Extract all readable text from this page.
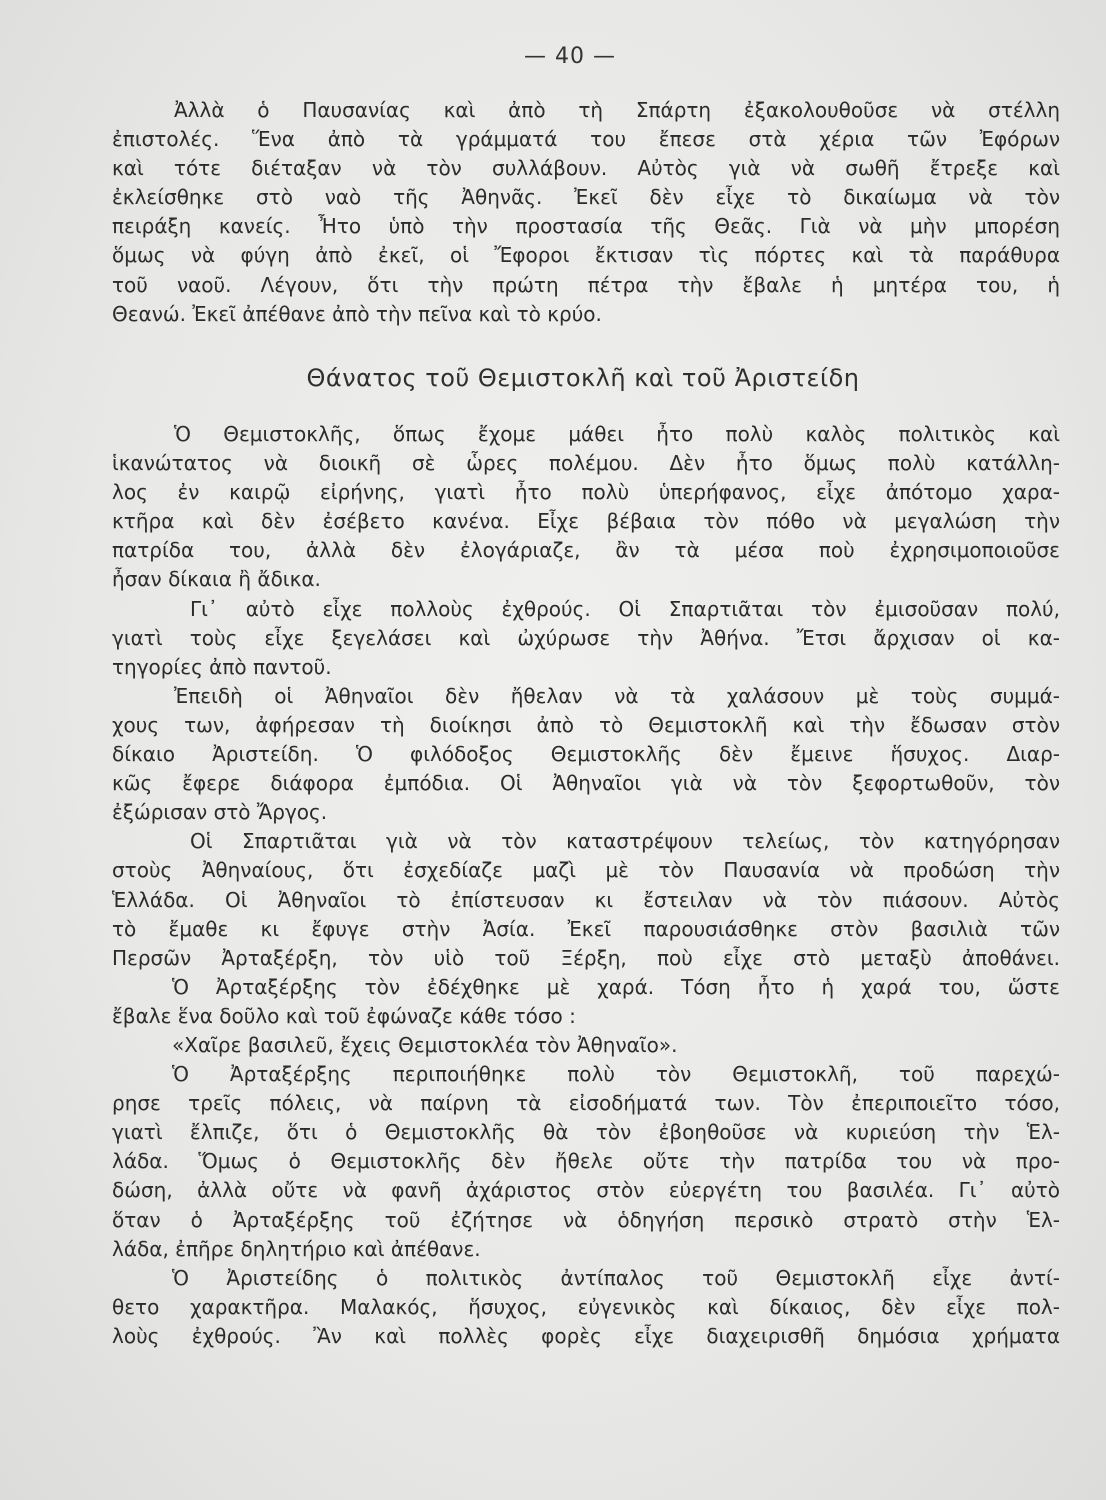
— 40 —

Ἀλλὰ ὁ Παυσανίας καὶ ἀπὸ τὴ Σπάρτη ἐξακολουθοῦσε νὰ στέλλη
ἐπιστολές. Ἕνα ἀπὸ τὰ γράμματά του ἔπεσε στὰ χέρια τῶν Ἐφόρων
καὶ τότε διέταξαν νὰ τὸν συλλάβουν. Αὐτὸς γιὰ νὰ σωθῆ ἔτρεξε καὶ
ἐκλείσθηκε στὸ ναὸ τῆς Ἀθηνᾶς. Ἐκεῖ δὲν εἶχε τὸ δικαίωμα νὰ τὸν
πειράξη κανείς. Ἦτο ὑπὸ τὴν προστασία τῆς Θεᾶς. Γιὰ νὰ μὴν μπορέση
ὅμως νὰ φύγη ἀπὸ ἐκεῖ, οἱ Ἔφοροι ἔκτισαν τὶς πόρτες καὶ τὰ παράθυρα
τοῦ ναοῦ. Λέγουν, ὅτι τὴν πρώτη πέτρα τὴν ἔβαλε ἡ μητέρα του, ἡ
Θεανώ. Ἐκεῖ ἀπέθανε ἀπὸ τὴν πεῖνα καὶ τὸ κρύο.

Θάνατος τοῦ Θεμιστοκλῆ καὶ τοῦ Ἀριστείδη

Ὁ Θεμιστοκλῆς, ὅπως ἔχομε μάθει ἦτο πολὺ καλὸς πολιτικὸς καὶ
ἱκανώτατος νὰ διοικῆ σὲ ὧρες πολέμου. Δὲν ἦτο ὅμως πολὺ κατάλλη-
λος ἐν καιρῷ εἰρήνης, γιατὶ ἦτο πολὺ ὑπερήφανος, εἶχε ἀπότομο χαρα-
κτῆρα καὶ δὲν ἐσέβετο κανένα. Εἶχε βέβαια τὸν πόθο νὰ μεγαλώση τὴν
πατρίδα του, ἀλλὰ δὲν ἐλογάριαζε, ἂν τὰ μέσα ποὺ ἐχρησιμοποιοῦσε
ἦσαν δίκαια ἢ ἄδικα.

Γι᾿ αὐτὸ εἶχε πολλοὺς ἐχθρούς. Οἱ Σπαρτιᾶται τὸν ἐμισοῦσαν πολύ,
γιατὶ τοὺς εἶχε ξεγελάσει καὶ ὠχύρωσε τὴν Ἀθήνα. Ἔτσι ἄρχισαν οἱ κα-
τηγορίες ἀπὸ παντοῦ.

Ἐπειδὴ οἱ Ἀθηναῖοι δὲν ἤθελαν νὰ τὰ χαλάσουν μὲ τοὺς συμμά-
χους των, ἀφήρεσαν τὴ διοίκησι ἀπὸ τὸ Θεμιστοκλῆ καὶ τὴν ἔδωσαν στὸν
δίκαιο Ἀριστείδη. Ὁ φιλόδοξος Θεμιστοκλῆς δὲν ἔμεινε ἥσυχος. Διαρ-
κῶς ἔφερε διάφορα ἐμπόδια. Οἱ Ἀθηναῖοι γιὰ νὰ τὸν ξεφορτωθοῦν, τὸν
ἐξώρισαν στὸ Ἄργος.

Οἱ Σπαρτιᾶται γιὰ νὰ τὸν καταστρέψουν τελείως, τὸν κατηγόρησαν
στοὺς Ἀθηναίους, ὅτι ἐσχεδίαζε μαζὶ μὲ τὸν Παυσανία νὰ προδώση τὴν
Ἑλλάδα. Οἱ Ἀθηναῖοι τὸ ἐπίστευσαν κι ἔστειλαν νὰ τὸν πιάσουν. Αὐτὸς
τὸ ἔμαθε κι ἔφυγε στὴν Ἀσία. Ἐκεῖ παρουσιάσθηκε στὸν βασιλιὰ τῶν
Περσῶν Ἀρταξέρξη, τὸν υἱὸ τοῦ Ξέρξη, ποὺ εἶχε στὸ μεταξὺ ἀποθάνει.

Ὁ Ἀρταξέρξης τὸν ἐδέχθηκε μὲ χαρά. Τόση ἦτο ἡ χαρά του, ὥστε
ἔβαλε ἕνα δοῦλο καὶ τοῦ ἐφώναζε κάθε τόσο :

«Χαῖρε βασιλεῦ, ἔχεις Θεμιστοκλέα τὸν Ἀθηναῖο».

Ὁ Ἀρταξέρξης περιποιήθηκε πολὺ τὸν Θεμιστοκλῆ, τοῦ παρεχώ-
ρησε τρεῖς πόλεις, νὰ παίρνη τὰ εἰσοδήματά των. Τὸν ἐπεριποιεῖτο τόσο,
γιατὶ ἔλπιζε, ὅτι ὁ Θεμιστοκλῆς θὰ τὸν ἐβοηθοῦσε νὰ κυριεύση τὴν Ἑλ-
λάδα. Ὅμως ὁ Θεμιστοκλῆς δὲν ἤθελε οὔτε τὴν πατρίδα του νὰ προ-
δώση, ἀλλὰ οὔτε νὰ φανῆ ἀχάριστος στὸν εὐεργέτη του βασιλέα. Γι᾿ αὐτὸ
ὅταν ὁ Ἀρταξέρξης τοῦ ἐζήτησε νὰ ὁδηγήση περσικὸ στρατὸ στὴν Ἑλ-
λάδα, ἐπῆρε δηλητήριο καὶ ἀπέθανε.

Ὁ Ἀριστείδης ὁ πολιτικὸς ἀντίπαλος τοῦ Θεμιστοκλῆ εἶχε ἀντί-
θετο χαρακτῆρα. Μαλακός, ἥσυχος, εὐγενικὸς καὶ δίκαιος, δὲν εἶχε πολ-
λοὺς ἐχθρούς. Ἂν καὶ πολλὲς φορὲς εἶχε διαχειρισθῆ δημόσια χρήματα
